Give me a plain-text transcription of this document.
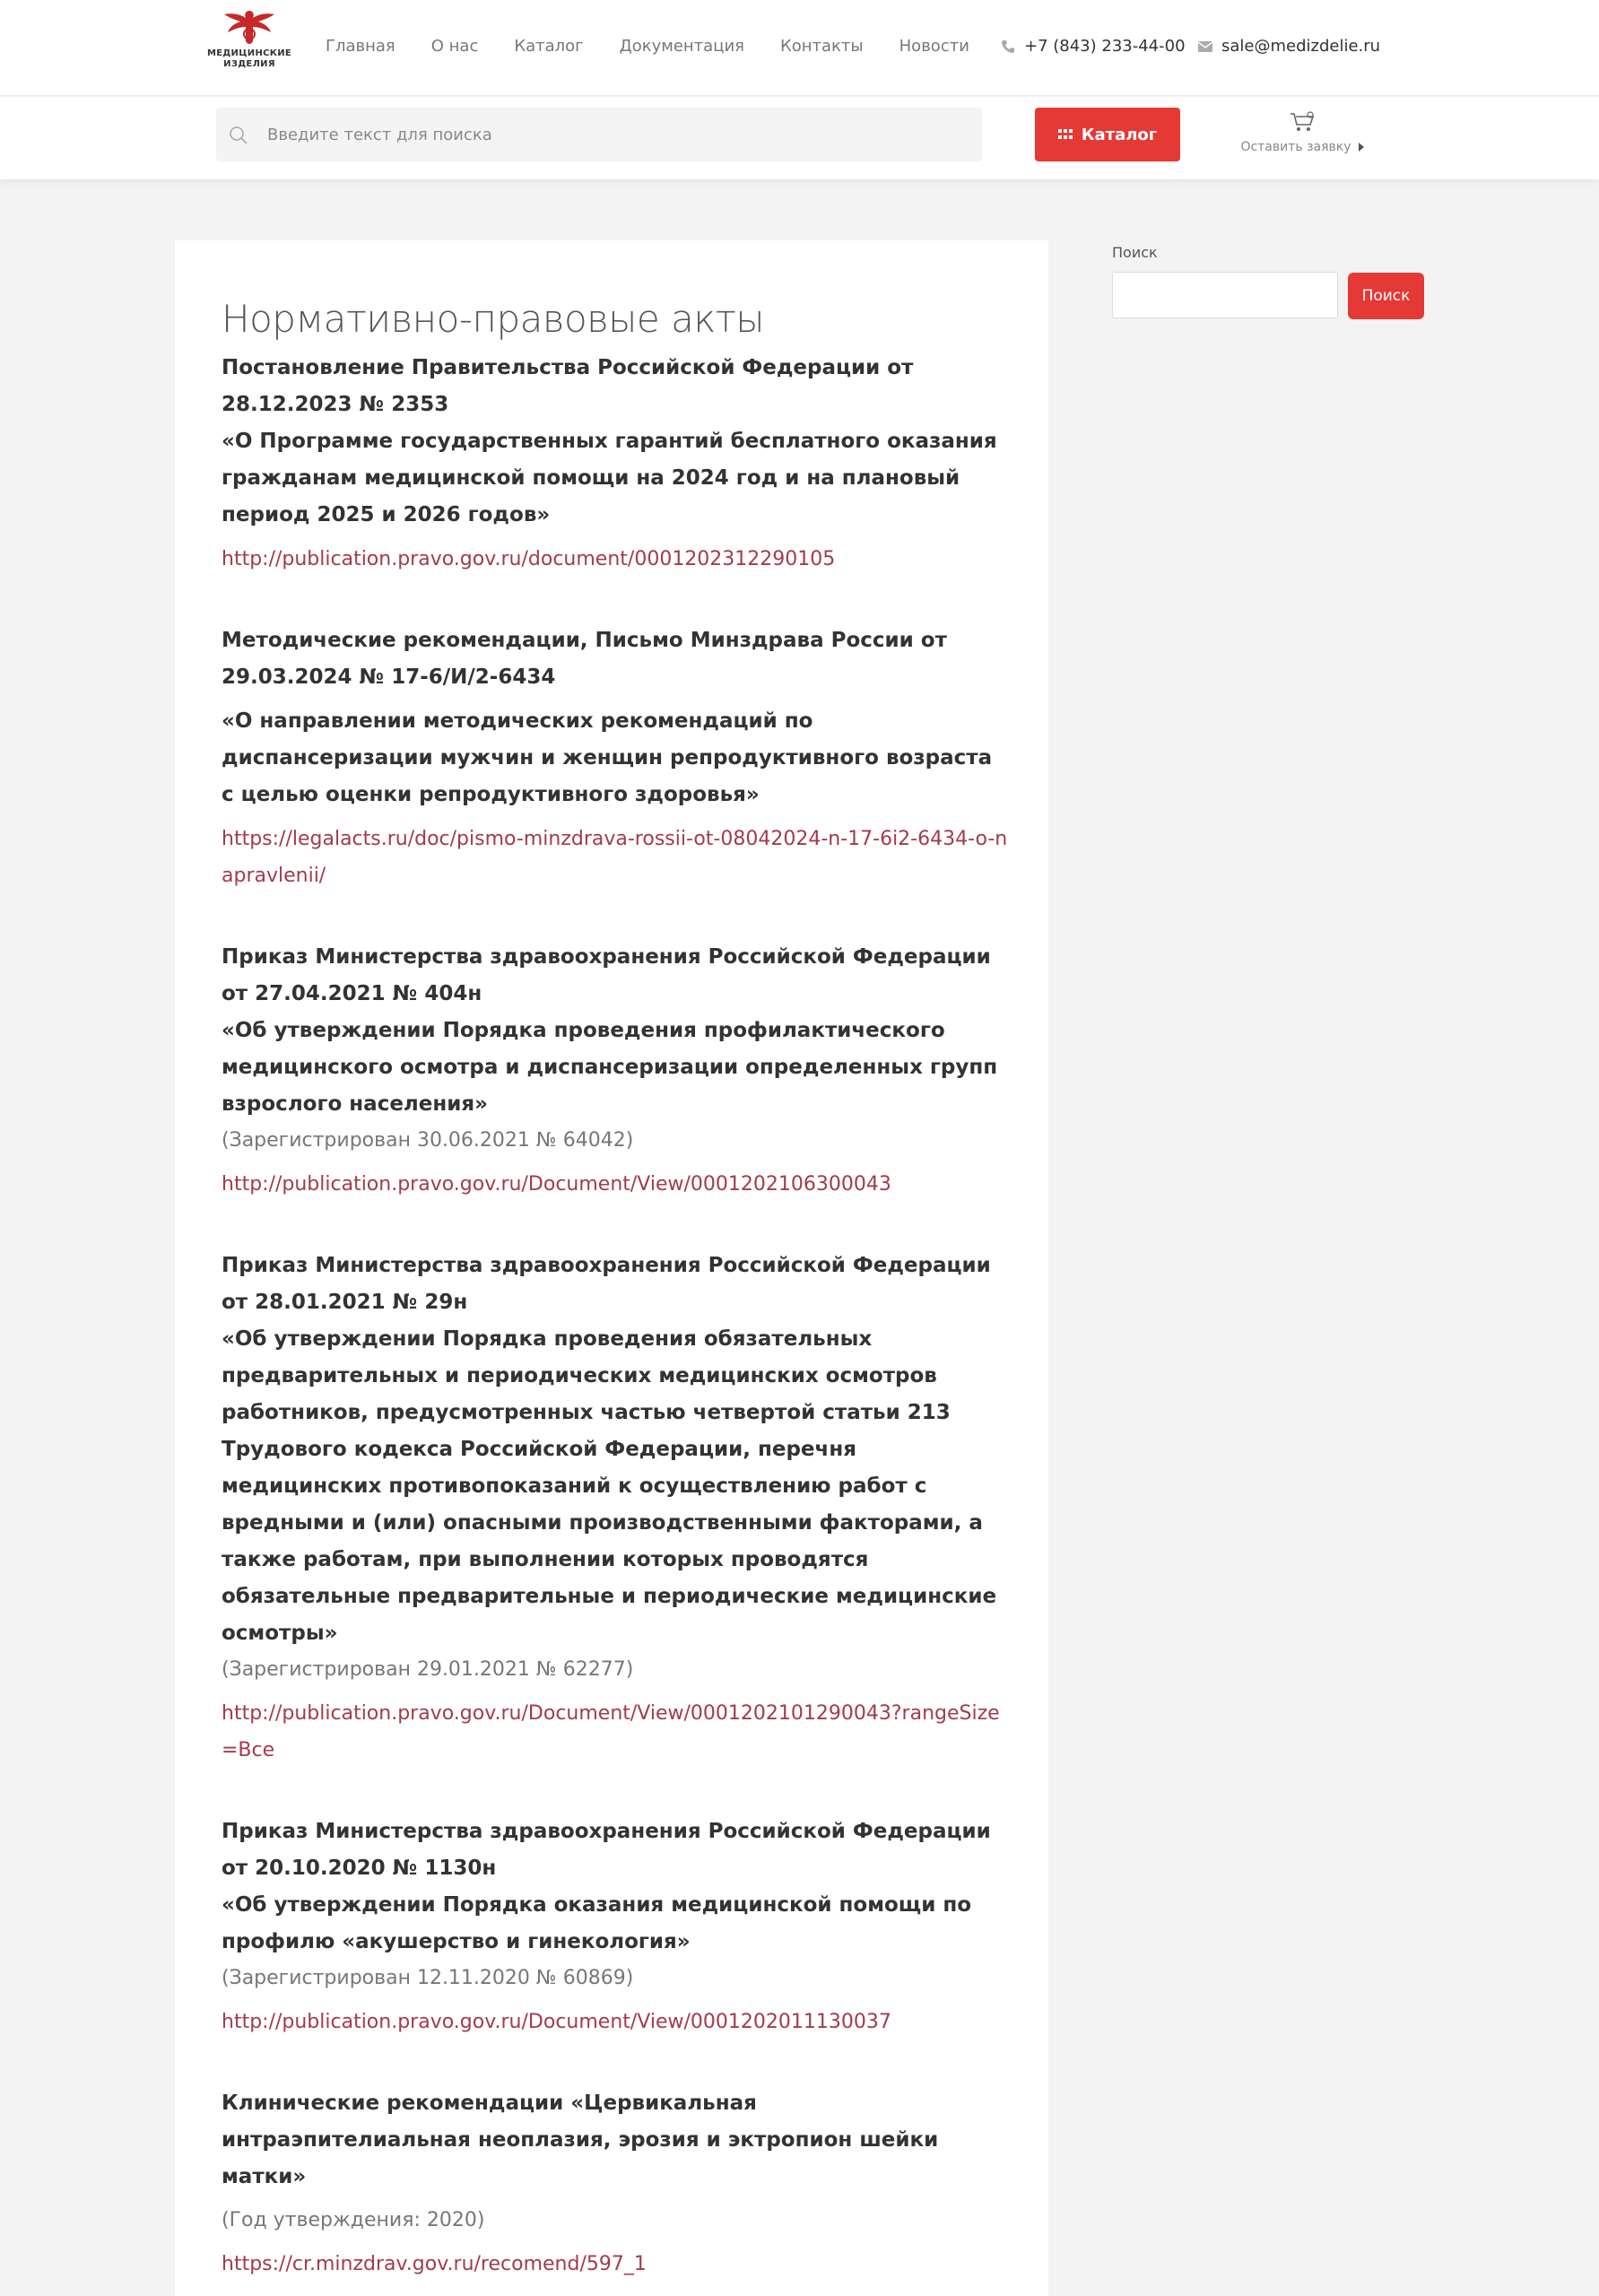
МЕДИЦИНСКИЕ
ИЗДЕЛИЯ
Главная О нас Каталог Документация Контакты Новости	+7 (843) 233-44-00 sale@medizdelie.ru
Введите текст для поиска
Каталог
Оставить заявку
Нормативно-правовые акты
Постановление Правительства Российской Федерации от 28.12.2023 № 2353
«О Программе государственных гарантий бесплатного оказания гражданам медицинской помощи на 2024 год и на плановый период 2025 и 2026 годов»
http://publication.pravo.gov.ru/document/0001202312290105
Методические рекомендации, Письмо Минздрава России от 29.03.2024 № 17-6/И/2-6434
«О направлении методических рекомендаций по диспансеризации мужчин и женщин репродуктивного возраста с целью оценки репродуктивного здоровья»
https://legalacts.ru/doc/pismo-minzdrava-rossii-ot-08042024-n-17-6i2-6434-o-napravlenii/
Приказ Министерства здравоохранения Российской Федерации от 27.04.2021 № 404н
«Об утверждении Порядка проведения профилактического медицинского осмотра и диспансеризации определенных групп взрослого населения»
(Зарегистрирован 30.06.2021 № 64042)
http://publication.pravo.gov.ru/Document/View/0001202106300043
Приказ Министерства здравоохранения Российской Федерации от 28.01.2021 № 29н
«Об утверждении Порядка проведения обязательных предварительных и периодических медицинских осмотров работников, предусмотренных частью четвертой статьи 213 Трудового кодекса Российской Федерации, перечня медицинских противопоказаний к осуществлению работ с вредными и (или) опасными производственными факторами, а также работам, при выполнении которых проводятся обязательные предварительные и периодические медицинские осмотры»
(Зарегистрирован 29.01.2021 № 62277)
http://publication.pravo.gov.ru/Document/View/0001202101290043?rangeSize=Все
Приказ Министерства здравоохранения Российской Федерации от 20.10.2020 № 1130н
«Об утверждении Порядка оказания медицинской помощи по профилю «акушерство и гинекология»
(Зарегистрирован 12.11.2020 № 60869)
http://publication.pravo.gov.ru/Document/View/0001202011130037
Клинические рекомендации «Цервикальная интраэпителиальная неоплазия, эрозия и эктропион шейки матки»
(Год утверждения: 2020)
https://cr.minzdrav.gov.ru/recomend/597_1
Поиск
Поиск
